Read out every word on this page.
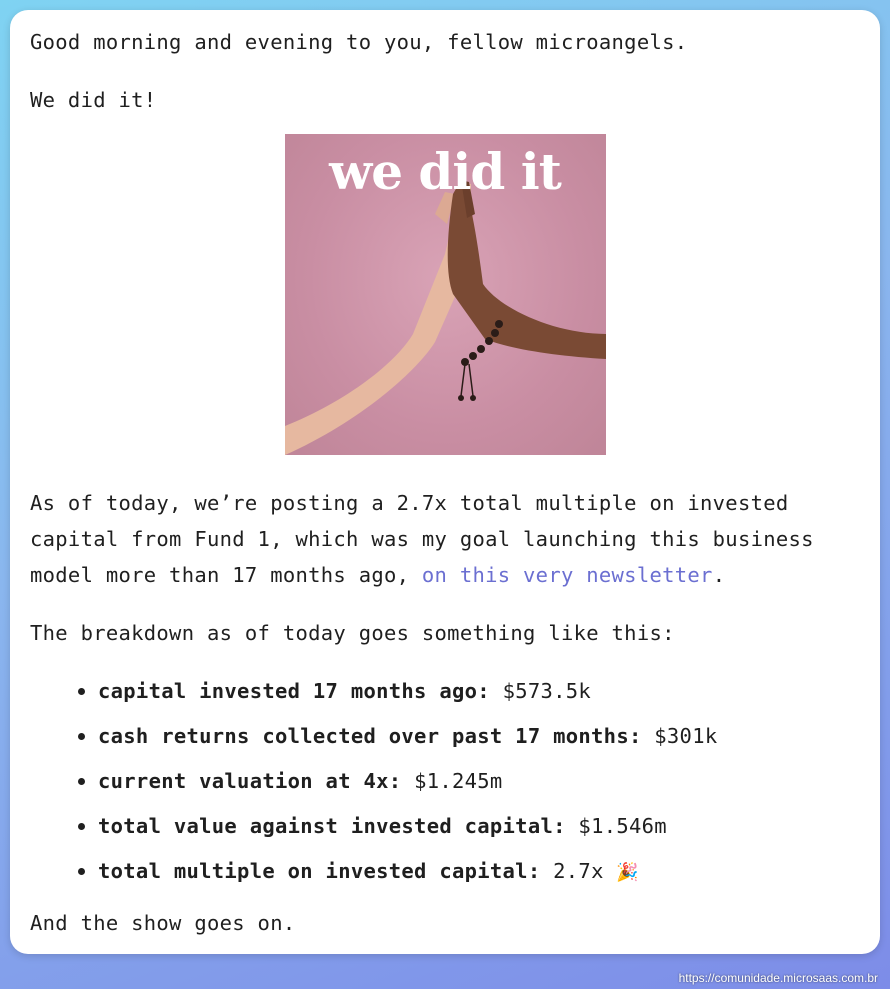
Good morning and evening to you, fellow microangels.

We did it!

we did it

As of today, we’re posting a 2.7x total multiple on invested capital from Fund 1, which was my goal launching this business model more than 17 months ago, on this very newsletter.

The breakdown as of today goes something like this:

capital invested 17 months ago: $573.5k
cash returns collected over past 17 months: $301k
current valuation at 4x: $1.245m
total value against invested capital: $1.546m
total multiple on invested capital: 2.7x 🎉

And the show goes on.

https://comunidade.microsaas.com.br
